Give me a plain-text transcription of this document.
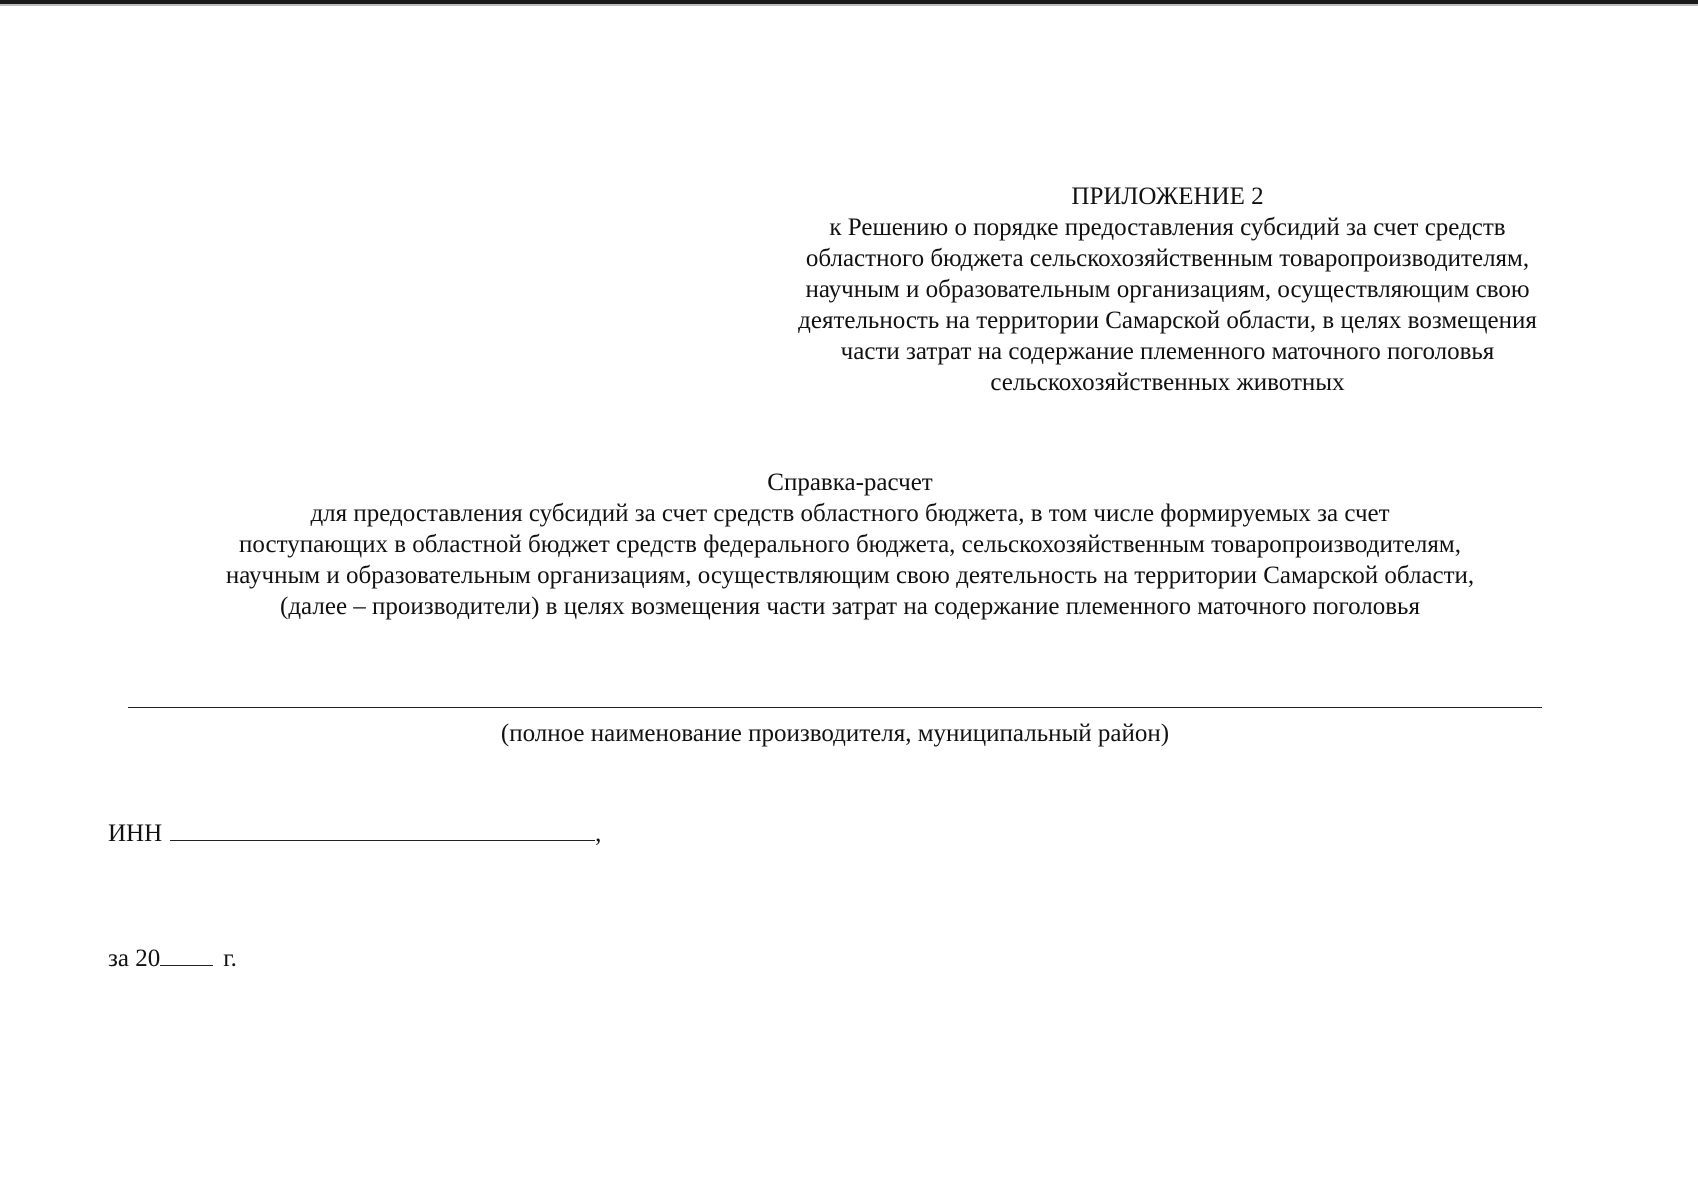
ПРИЛОЖЕНИЕ 2
к Решению о порядке предоставления субсидий за счет средств
областного бюджета сельскохозяйственным товаропроизводителям,
научным и образовательным организациям, осуществляющим свою
деятельность на территории Самарской области, в целях возмещения
части затрат на содержание племенного маточного поголовья
сельскохозяйственных животных
Справка-расчет
для предоставления субсидий за счет средств областного бюджета, в том числе формируемых за счет
поступающих в областной бюджет средств федерального бюджета, сельскохозяйственным товаропроизводителям,
научным и образовательным организациям, осуществляющим свою деятельность на территории Самарской области,
(далее – производители) в целях возмещения части затрат на содержание племенного маточного поголовья
(полное наименование производителя, муниципальный район)
ИНН	,
за 20	г.
